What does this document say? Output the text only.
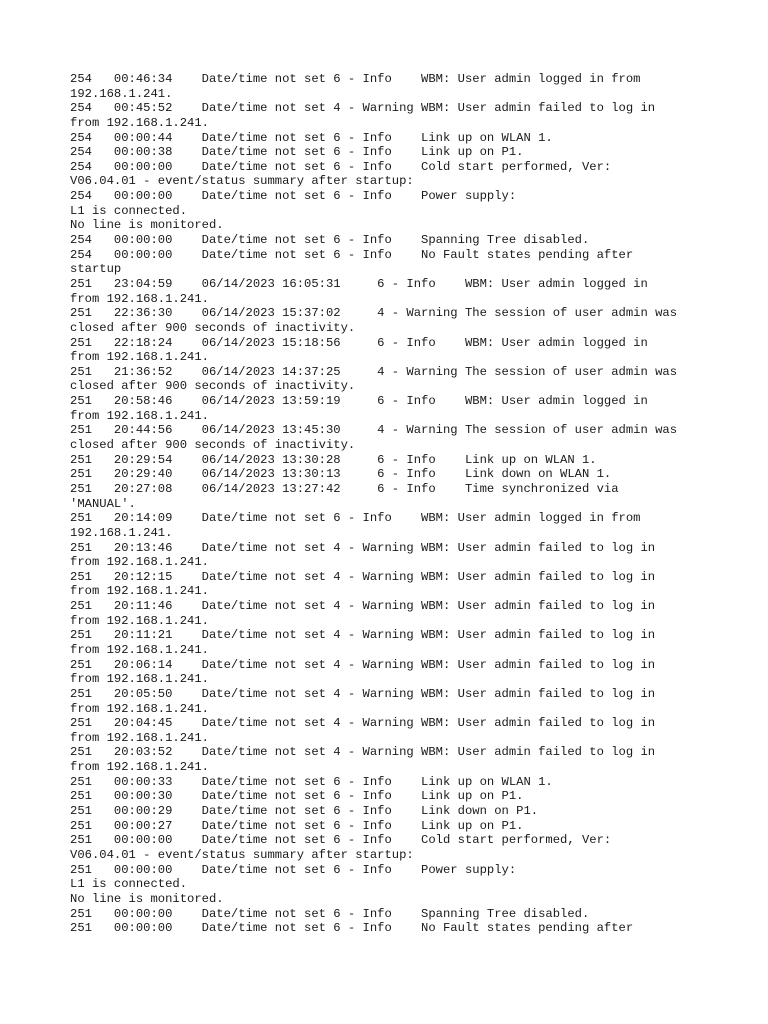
254   00:46:34    Date/time not set 6 - Info    WBM: User admin logged in from
192.168.1.241.
254   00:45:52    Date/time not set 4 - Warning WBM: User admin failed to log in
from 192.168.1.241.
254   00:00:44    Date/time not set 6 - Info    Link up on WLAN 1.
254   00:00:38    Date/time not set 6 - Info    Link up on P1.
254   00:00:00    Date/time not set 6 - Info    Cold start performed, Ver:
V06.04.01 - event/status summary after startup:
254   00:00:00    Date/time not set 6 - Info    Power supply:
L1 is connected.
No line is monitored.
254   00:00:00    Date/time not set 6 - Info    Spanning Tree disabled.
254   00:00:00    Date/time not set 6 - Info    No Fault states pending after
startup
251   23:04:59    06/14/2023 16:05:31     6 - Info    WBM: User admin logged in
from 192.168.1.241.
251   22:36:30    06/14/2023 15:37:02     4 - Warning The session of user admin was
closed after 900 seconds of inactivity.
251   22:18:24    06/14/2023 15:18:56     6 - Info    WBM: User admin logged in
from 192.168.1.241.
251   21:36:52    06/14/2023 14:37:25     4 - Warning The session of user admin was
closed after 900 seconds of inactivity.
251   20:58:46    06/14/2023 13:59:19     6 - Info    WBM: User admin logged in
from 192.168.1.241.
251   20:44:56    06/14/2023 13:45:30     4 - Warning The session of user admin was
closed after 900 seconds of inactivity.
251   20:29:54    06/14/2023 13:30:28     6 - Info    Link up on WLAN 1.
251   20:29:40    06/14/2023 13:30:13     6 - Info    Link down on WLAN 1.
251   20:27:08    06/14/2023 13:27:42     6 - Info    Time synchronized via
'MANUAL'.
251   20:14:09    Date/time not set 6 - Info    WBM: User admin logged in from
192.168.1.241.
251   20:13:46    Date/time not set 4 - Warning WBM: User admin failed to log in
from 192.168.1.241.
251   20:12:15    Date/time not set 4 - Warning WBM: User admin failed to log in
from 192.168.1.241.
251   20:11:46    Date/time not set 4 - Warning WBM: User admin failed to log in
from 192.168.1.241.
251   20:11:21    Date/time not set 4 - Warning WBM: User admin failed to log in
from 192.168.1.241.
251   20:06:14    Date/time not set 4 - Warning WBM: User admin failed to log in
from 192.168.1.241.
251   20:05:50    Date/time not set 4 - Warning WBM: User admin failed to log in
from 192.168.1.241.
251   20:04:45    Date/time not set 4 - Warning WBM: User admin failed to log in
from 192.168.1.241.
251   20:03:52    Date/time not set 4 - Warning WBM: User admin failed to log in
from 192.168.1.241.
251   00:00:33    Date/time not set 6 - Info    Link up on WLAN 1.
251   00:00:30    Date/time not set 6 - Info    Link up on P1.
251   00:00:29    Date/time not set 6 - Info    Link down on P1.
251   00:00:27    Date/time not set 6 - Info    Link up on P1.
251   00:00:00    Date/time not set 6 - Info    Cold start performed, Ver:
V06.04.01 - event/status summary after startup:
251   00:00:00    Date/time not set 6 - Info    Power supply:
L1 is connected.
No line is monitored.
251   00:00:00    Date/time not set 6 - Info    Spanning Tree disabled.
251   00:00:00    Date/time not set 6 - Info    No Fault states pending after
